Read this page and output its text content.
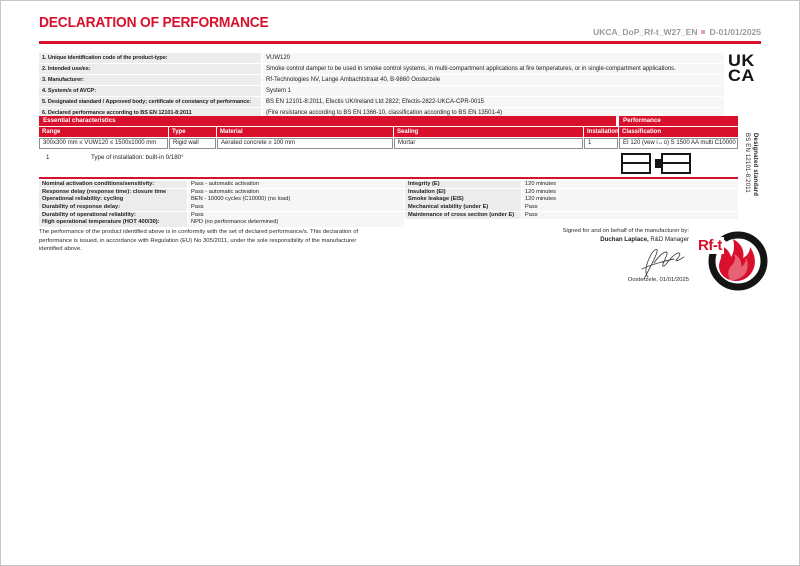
DECLARATION OF PERFORMANCE
UKCA_DoP_Rf-t_W27_EN D-01/01/2025
1. Unique identification code of the product-type:	VUW120
2. Intended use/es:	Smoke control damper to be used in smoke control systems, in multi-compartment applications at fire temperatures, or in single-compartment applications.
3. Manufacturer:	Rf-Technologies NV, Lange Ambachtstraat 40, B-9860 Oosterzele
4. System/s of AVCP:	System 1
5. Designated standard / Approved body; certificate of constancy of performance:	BS EN 12101-8:2011, Efectis UK/Ireland Ltd 2822; Efectis-2822-UKCA-CPR-0015
6. Declared performance according to BS EN 12101-8:2011	(Fire resistance according to BS EN 1366-10, classification according to BS EN 13501-4)
UK
CA
Essential characteristics	Performance
Range	Type	Material	Sealing	Installation Classification
300x300 mm ≤ VUW120 ≤ 1500x1000 mm	Rigid wall	Aerated concrete ≥ 100 mm	Mortar	1	EI 120 (vew i↔o) S 1500 AA multi C10000
1	Type of installation: built-in 0/180°	Designated standard
BS EN 12101-8:2011
Nominal activation conditions/sensitivity:	Pass - automatic activation	Integrity (E)	120 minutes
Response delay (response time): closure time	Pass - automatic activation	Insulation (EI)	120 minutes
Operational reliability: cycling	BEN - 10000 cycles (C10000) (no load)	Smoke leakage (EIS)	120 minutes
Durability of response delay:	Pass	Mechanical stability (under E)	Pass
Durability of operational reliability:	Pass	Maintenance of cross section (under E)	Pass
High operational temperature (HOT 400/30):	NPD (no performance determined)
The performance of the product identified above is in conformity with the set of declared performance/s. This declaration of
performance is issued, in accordance with Regulation (EU) No 305/2011, under the sole responsibility of the manufacturer
identified above.
Signed for and on behalf of the manufacturer by:
Duchan Laplace, R&D Manager
Oosterzele, 01/01/2025
Rf-t
